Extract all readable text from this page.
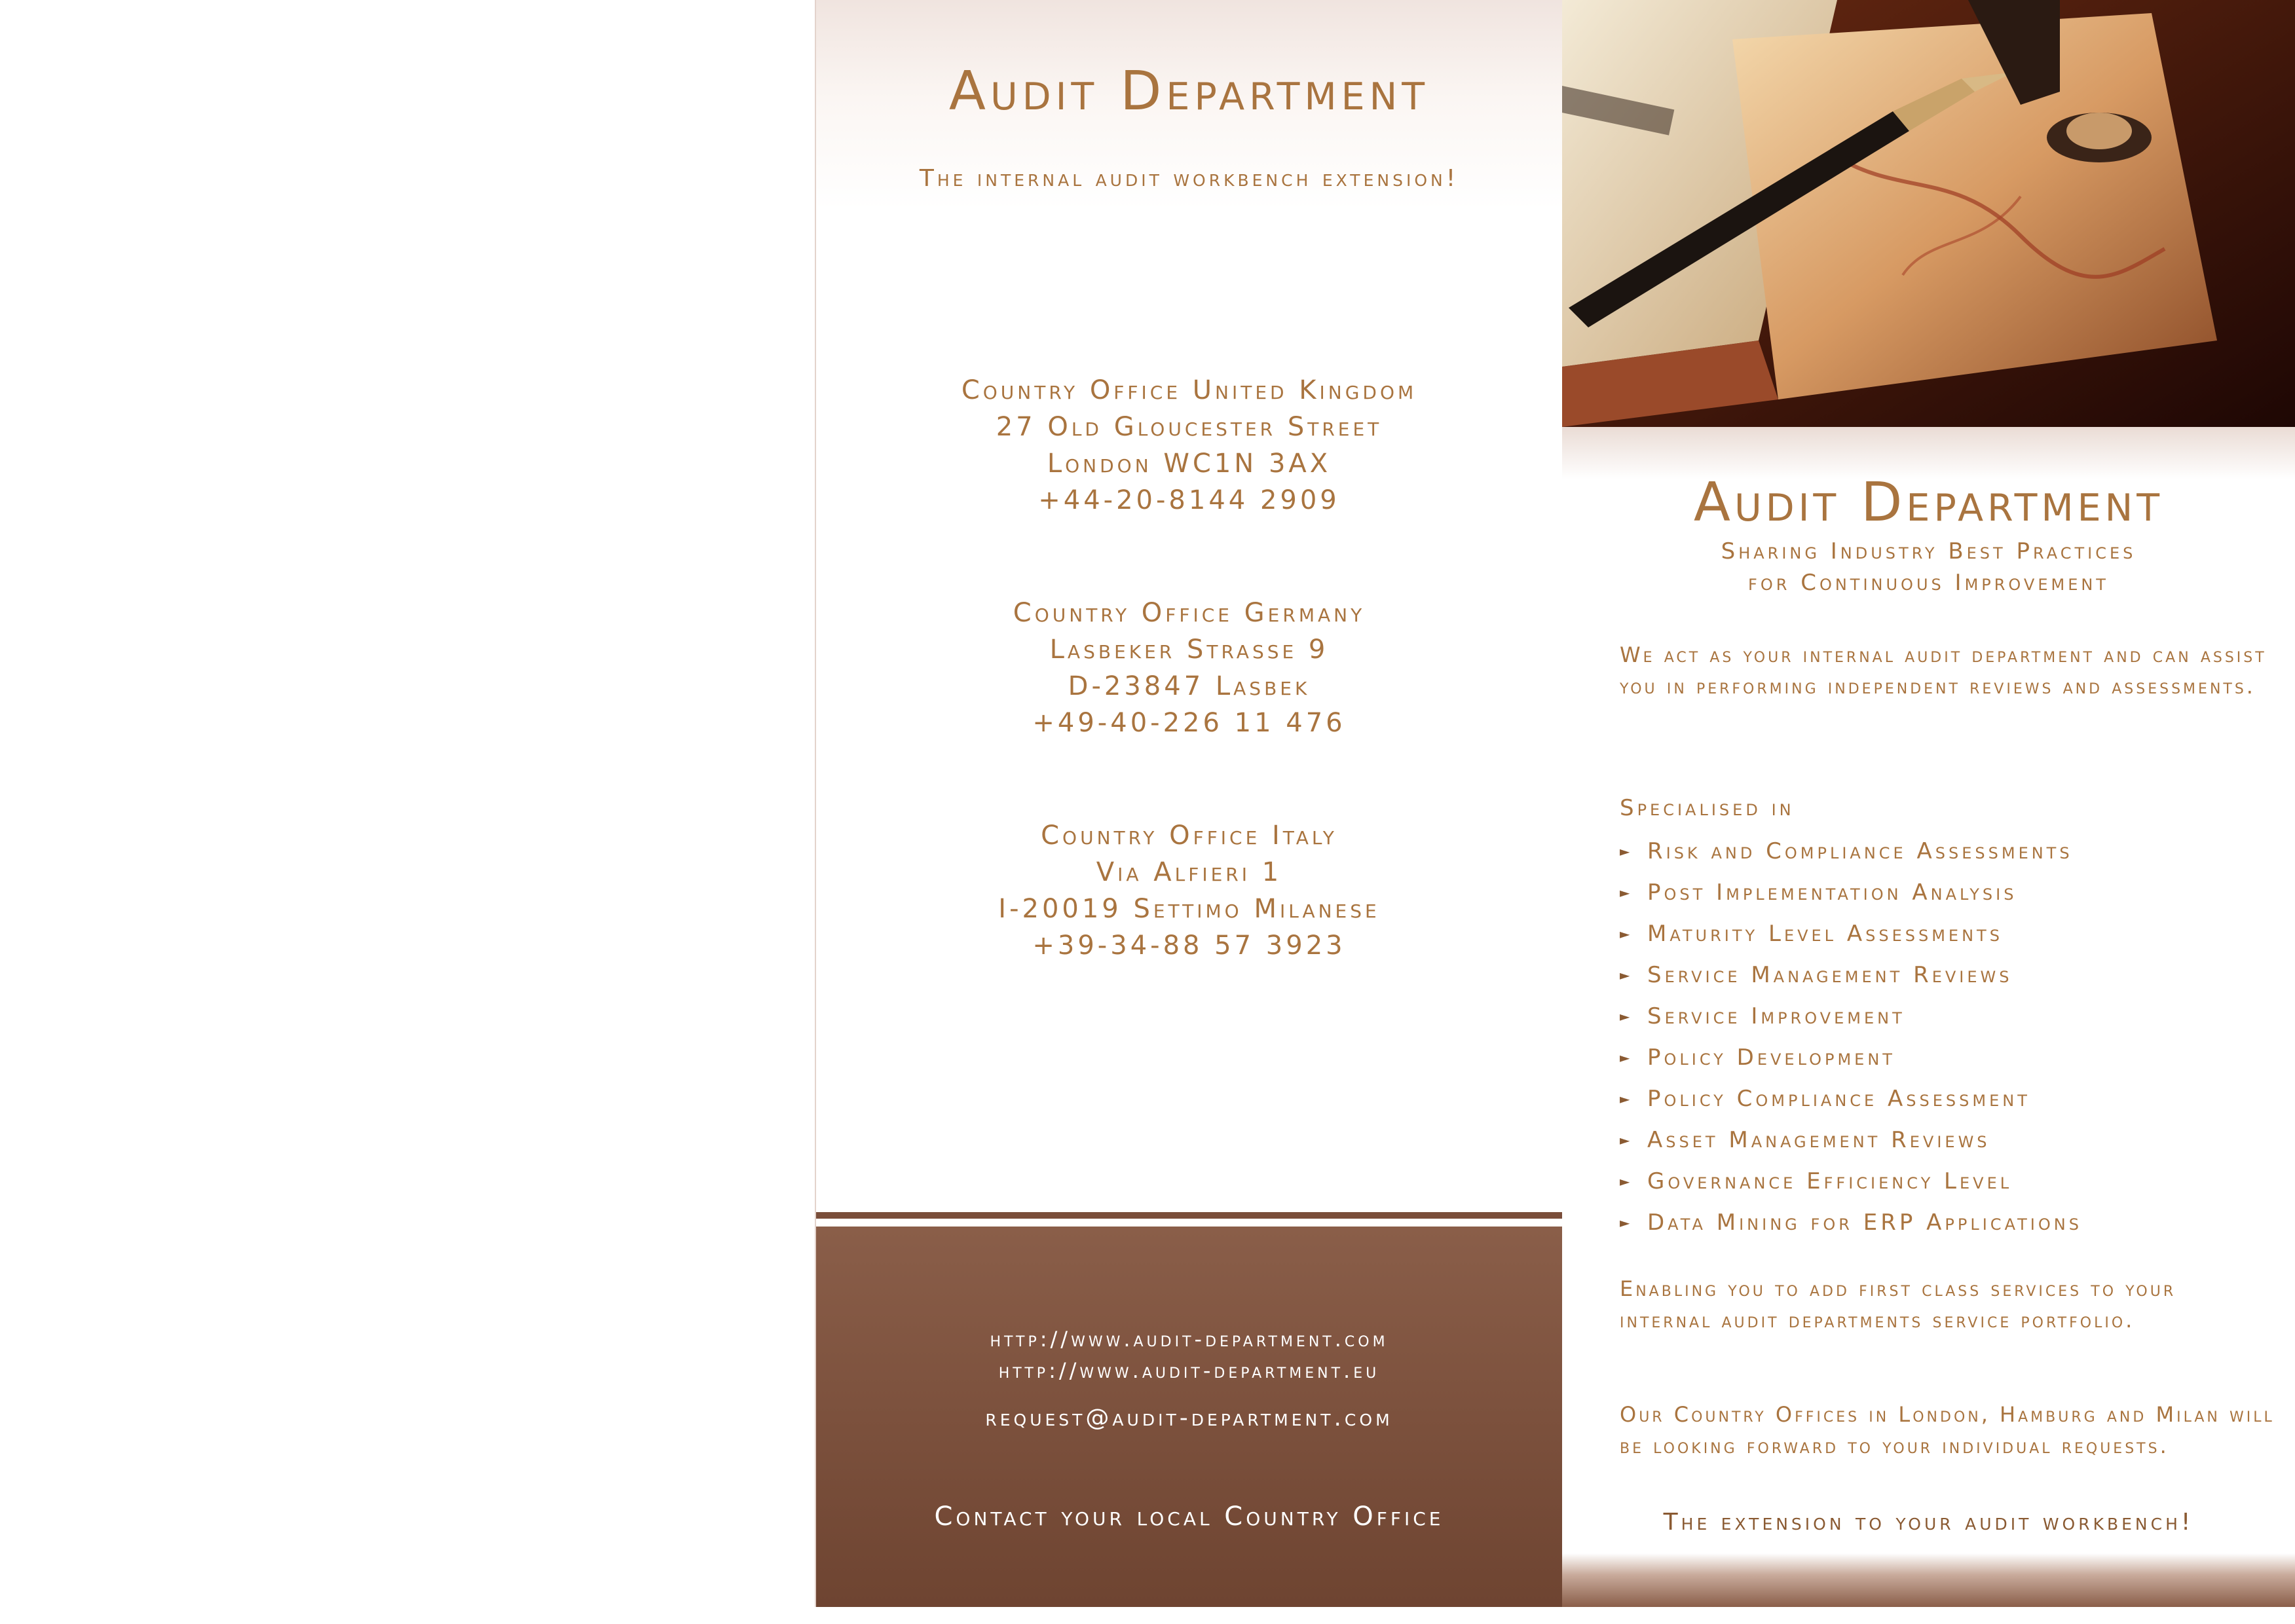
Audit Department
The internal audit workbench extension!
Country Office United Kingdom
27 Old Gloucester Street
London WC1N 3AX
+44-20-8144 2909
Country Office Germany
Lasbeker Strasse 9
D-23847 Lasbek
+49-40-226 11 476
Country Office Italy
Via Alfieri 1
I-20019 Settimo Milanese
+39-34-88 57 3923
http://www.audit-department.com
http://www.audit-department.eu
request@audit-department.com
Contact your local Country Office
Audit Department
Sharing Industry Best Practices
for Continuous Improvement
We act as your internal audit department and can assist you in performing independent reviews and assessments.
Specialised in
► Risk and Compliance Assessments
► Post Implementation Analysis
► Maturity Level Assessments
► Service Management Reviews
► Service Improvement
► Policy Development
► Policy Compliance Assessment
► Asset Management Reviews
► Governance Efficiency Level
► Data Mining for ERP Applications
Enabling you to add first class services to your internal audit departments service portfolio.
Our Country Offices in London, Hamburg and Milan will be looking forward to your individual requests.
The extension to your audit workbench!
